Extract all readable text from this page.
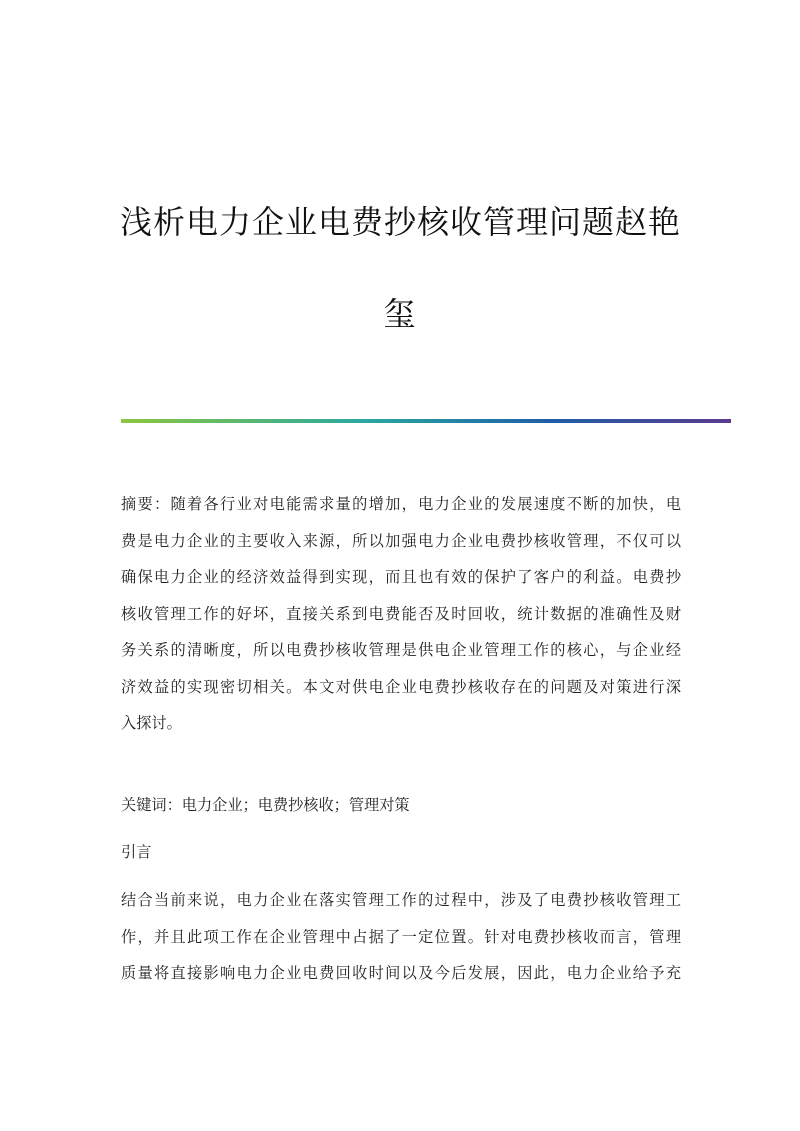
浅析电力企业电费抄核收管理问题赵艳
玺

摘要：随着各行业对电能需求量的增加，电力企业的发展速度不断的加快，电
费是电力企业的主要收入来源，所以加强电力企业电费抄核收管理，不仅可以
确保电力企业的经济效益得到实现，而且也有效的保护了客户的利益。电费抄
核收管理工作的好坏，直接关系到电费能否及时回收，统计数据的准确性及财
务关系的清晰度，所以电费抄核收管理是供电企业管理工作的核心，与企业经
济效益的实现密切相关。本文对供电企业电费抄核收存在的问题及对策进行深
入探讨。

关键词：电力企业；电费抄核收；管理对策

引言

结合当前来说，电力企业在落实管理工作的过程中，涉及了电费抄核收管理工
作，并且此项工作在企业管理中占据了一定位置。针对电费抄核收而言，管理
质量将直接影响电力企业电费回收时间以及今后发展，因此，电力企业给予充
